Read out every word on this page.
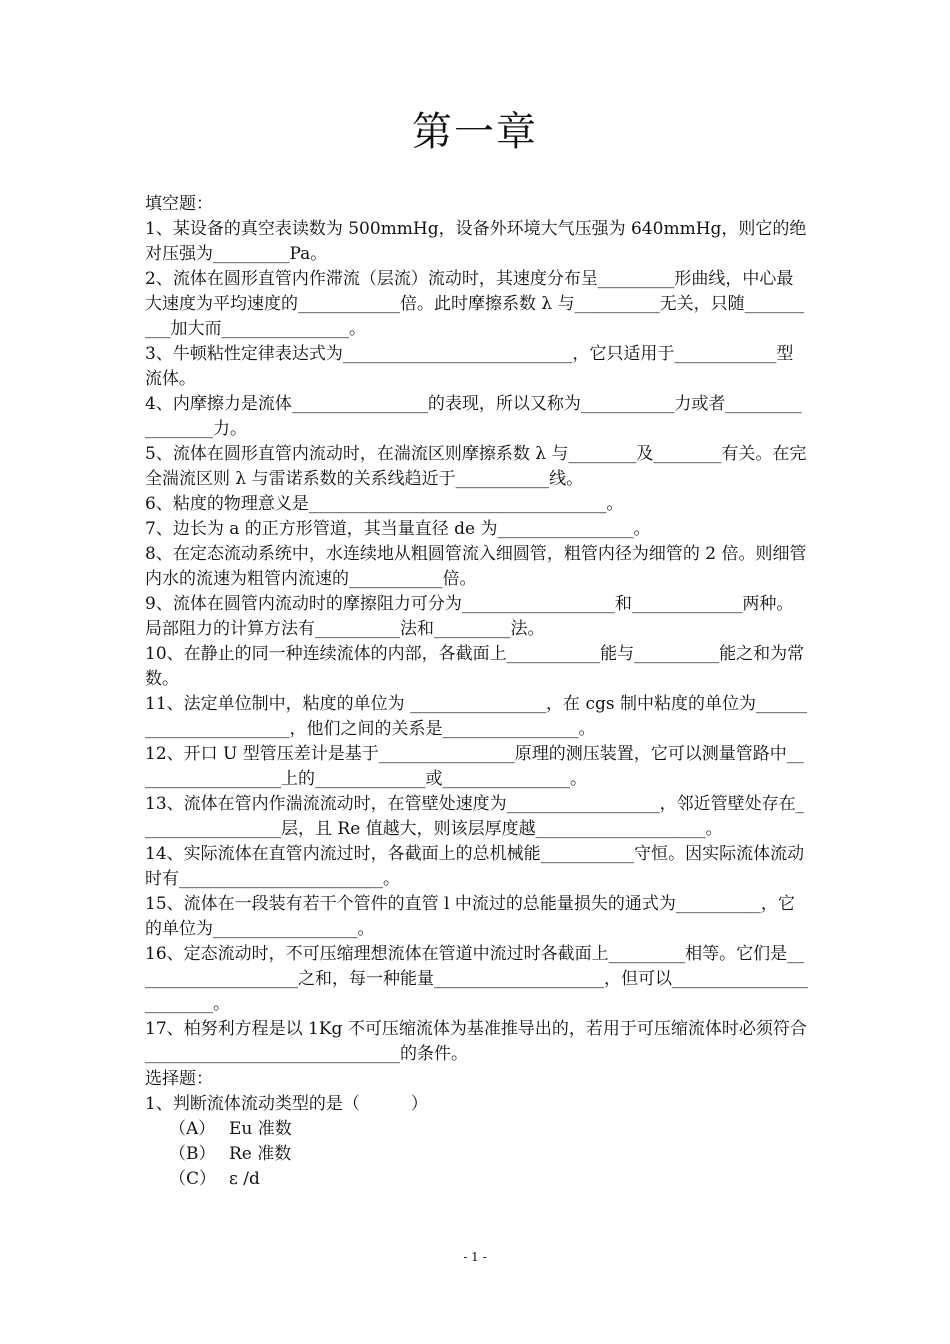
第一章

填空题：

1、某设备的真空表读数为 500mmHg，设备外环境大气压强为 640mmHg，则它的绝对压强为_________Pa。

2、流体在圆形直管内作滞流（层流）流动时，其速度分布呈_________形曲线，中心最大速度为平均速度的____________倍。此时摩擦系数 λ 与__________无关，只随__________加大而_______________。

3、牛顿粘性定律表达式为___________________________，它只适用于____________型流体。

4、内摩擦力是流体________________的表现，所以又称为___________力或者_________________力。

5、流体在圆形直管内流动时，在湍流区则摩擦系数 λ 与________及________有关。在完全湍流区则 λ 与雷诺系数的关系线趋近于___________线。

6、粘度的物理意义是___________________________________。

7、边长为 a 的正方形管道，其当量直径 de 为________________。

8、在定态流动系统中，水连续地从粗圆管流入细圆管，粗管内径为细管的 2 倍。则细管内水的流速为粗管内流速的___________倍。

9、流体在圆管内流动时的摩擦阻力可分为__________________和_____________两种。局部阻力的计算方法有__________法和_________法。

10、在静止的同一种连续流体的内部，各截面上___________能与__________能之和为常数。

11、法定单位制中，粘度的单位为 ________________，在 cgs 制中粘度的单位为_______________________，他们之间的关系是________________。

12、开口 U 型管压差计是基于________________原理的测压装置，它可以测量管路中__________________上的_____________或_______________。

13、流体在管内作湍流流动时，在管壁处速度为__________________，邻近管壁处存在_________________层，且 Re 值越大，则该层厚度越____________________。

14、实际流体在直管内流过时，各截面上的总机械能___________守恒。因实际流体流动时有________________________。

15、流体在一段装有若干个管件的直管 l 中流过的总能量损失的通式为__________，它的单位为_________________。

16、定态流动时，不可压缩理想流体在管道中流过时各截面上_________相等。它们是____________________之和，每一种能量____________________，但可以________________________。

17、柏努利方程是以 1Kg 不可压缩流体为基准推导出的，若用于可压缩流体时必须符合______________________________的条件。

选择题：

1、判断流体流动类型的是（　　　）

（A） Eu 准数

（B） Re 准数

（C） ε /d

- 1 -
